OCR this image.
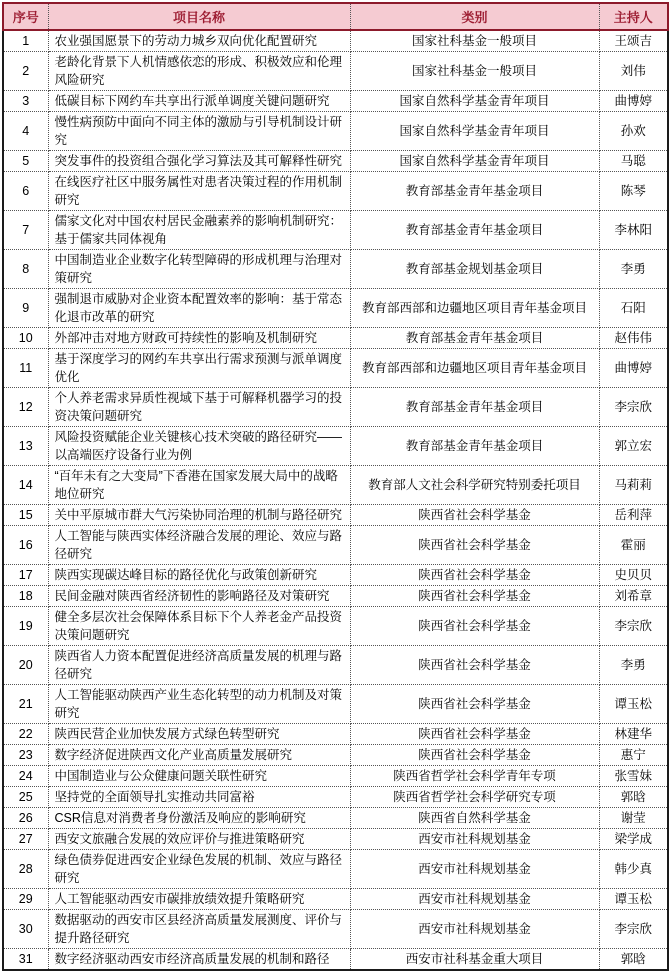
序号	项目名称	类别	主持人
1	农业强国愿景下的劳动力城乡双向优化配置研究	国家社科基金一般项目	王颂吉
2	老龄化背景下人机情感依恋的形成、积极效应和伦理风险研究	国家社科基金一般项目	刘伟
3	低碳目标下网约车共享出行派单调度关键问题研究	国家自然科学基金青年项目	曲博婷
4	慢性病预防中面向不同主体的激励与引导机制设计研究	国家自然科学基金青年项目	孙欢
5	突发事件的投资组合强化学习算法及其可解释性研究	国家自然科学基金青年项目	马聪
6	在线医疗社区中服务属性对患者决策过程的作用机制研究	教育部基金青年基金项目	陈琴
7	儒家文化对中国农村居民金融素养的影响机制研究：基于儒家共同体视角	教育部基金青年基金项目	李林阳
8	中国制造业企业数字化转型障碍的形成机理与治理对策研究	教育部基金规划基金项目	李勇
9	强制退市威胁对企业资本配置效率的影响：基于常态化退市改革的研究	教育部西部和边疆地区项目青年基金项目	石阳
10	外部冲击对地方财政可持续性的影响及机制研究	教育部基金青年基金项目	赵伟伟
11	基于深度学习的网约车共享出行需求预测与派单调度优化	教育部西部和边疆地区项目青年基金项目	曲博婷
12	个人养老需求异质性视域下基于可解释机器学习的投资决策问题研究	教育部基金青年基金项目	李宗欣
13	风险投资赋能企业关键核心技术突破的路径研究——以高端医疗设备行业为例	教育部基金青年基金项目	郭立宏
14	“百年未有之大变局”下香港在国家发展大局中的战略地位研究	教育部人文社会科学研究特别委托项目	马莉莉
15	关中平原城市群大气污染协同治理的机制与路径研究	陕西省社会科学基金	岳利萍
16	人工智能与陕西实体经济融合发展的理论、效应与路径研究	陕西省社会科学基金	霍丽
17	陕西实现碳达峰目标的路径优化与政策创新研究	陕西省社会科学基金	史贝贝
18	民间金融对陕西省经济韧性的影响路径及对策研究	陕西省社会科学基金	刘希章
19	健全多层次社会保障体系目标下个人养老金产品投资决策问题研究	陕西省社会科学基金	李宗欣
20	陕西省人力资本配置促进经济高质量发展的机理与路径研究	陕西省社会科学基金	李勇
21	人工智能驱动陕西产业生态化转型的动力机制及对策研究	陕西省社会科学基金	谭玉松
22	陕西民营企业加快发展方式绿色转型研究	陕西省社会科学基金	林建华
23	数字经济促进陕西文化产业高质量发展研究	陕西省社会科学基金	惠宁
24	中国制造业与公众健康问题关联性研究	陕西省哲学社会科学青年专项	张雪妹
25	坚持党的全面领导扎实推动共同富裕	陕西省哲学社会科学研究专项	郭晗
26	CSR信息对消费者身份激活及响应的影响研究	陕西省自然科学基金	谢莹
27	西安文旅融合发展的效应评价与推进策略研究	西安市社科规划基金	梁学成
28	绿色债券促进西安企业绿色发展的机制、效应与路径研究	西安市社科规划基金	韩少真
29	人工智能驱动西安市碳排放绩效提升策略研究	西安市社科规划基金	谭玉松
30	数据驱动的西安市区县经济高质量发展测度、评价与提升路径研究	西安市社科规划基金	李宗欣
31	数字经济驱动西安市经济高质量发展的机制和路径	西安市社科基金重大项目	郭晗
